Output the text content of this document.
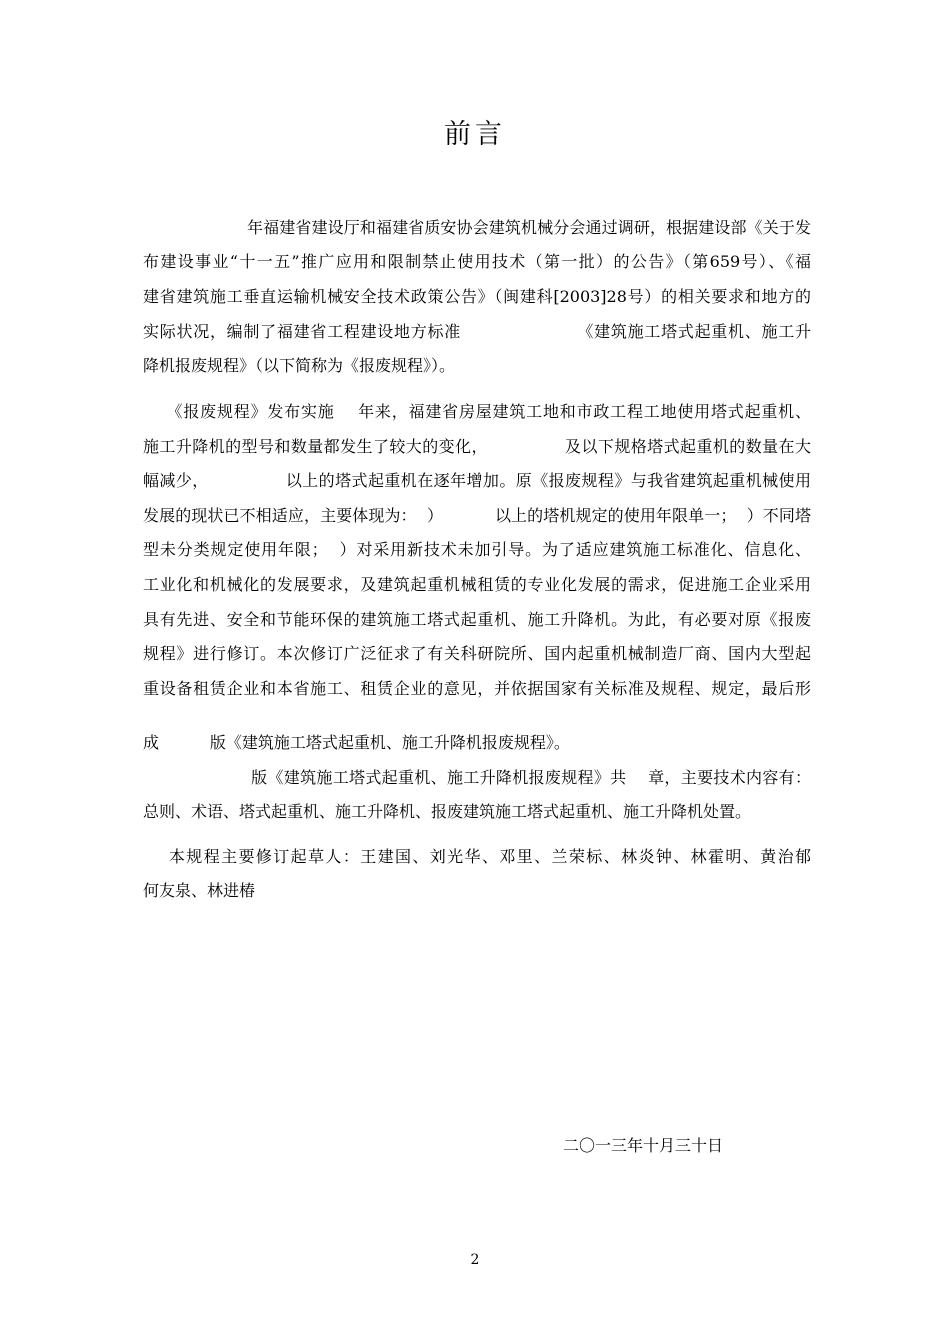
前言
年福建省建设厅和福建省质安协会建筑机械分会通过调研，根据建设部《关于发
布建设事业“十一五”推广应用和限制禁止使用技术（第一批）的公告》（第659号）、《福
建省建筑施工垂直运输机械安全技术政策公告》（闽建科[2003]28号）的相关要求和地方的
实际状况，编制了福建省工程建设地方标准                    《建筑施工塔式起重机、施工升
降机报废规程》（以下简称为《报废规程》）。
《报废规程》发布实施    年来，福建省房屋建筑工地和市政工程工地使用塔式起重机、
施工升降机的型号和数量都发生了较大的变化，              及以下规格塔式起重机的数量在大
幅减少，              以上的塔式起重机在逐年增加。原《报废规程》与我省建筑起重机械使用
发展的现状已不相适应，主要体现为：  ）          以上的塔机规定的使用年限单一；  ）不同塔
型未分类规定使用年限；  ）对采用新技术未加引导。为了适应建筑施工标准化、信息化、
工业化和机械化的发展要求，及建筑起重机械租赁的专业化发展的需求，促进施工企业采用
具有先进、安全和节能环保的建筑施工塔式起重机、施工升降机。为此，有必要对原《报废
规程》进行修订。本次修订广泛征求了有关科研院所、国内起重机械制造厂商、国内大型起
重设备租赁企业和本省施工、租赁企业的意见，并依据国家有关标准及规程、规定，最后形
成          版《建筑施工塔式起重机、施工升降机报废规程》。
版《建筑施工塔式起重机、施工升降机报废规程》共    章，主要技术内容有：
总则、术语、塔式起重机、施工升降机、报废建筑施工塔式起重机、施工升降机处置。
本规程主要修订起草人：王建国、刘光华、邓里、兰荣标、林炎钟、林霍明、黄治郁
何友泉、林进椿
二〇一三年十月三十日
2
